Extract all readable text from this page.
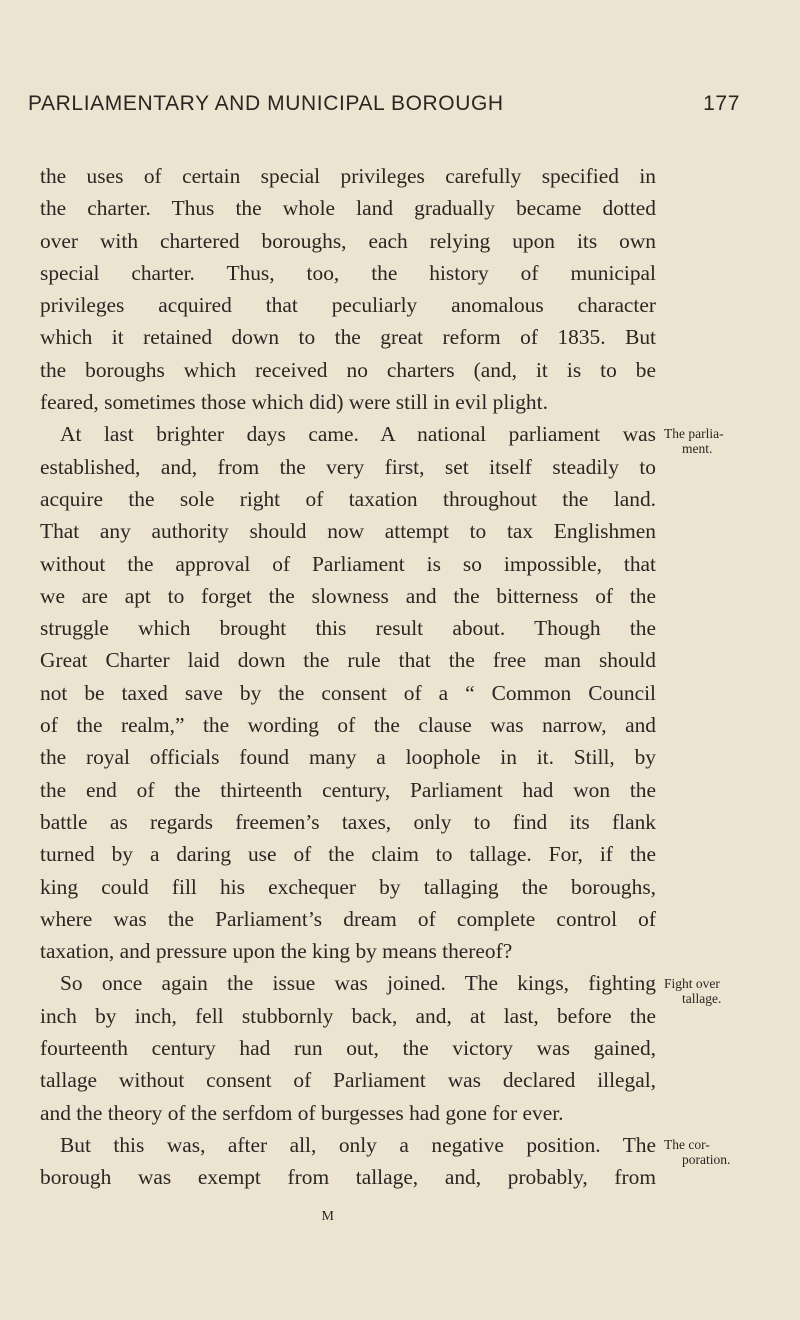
PARLIAMENTARY AND MUNICIPAL BOROUGH	177
the uses of certain special privileges carefully specified in
the charter. Thus the whole land gradually became dotted
over with chartered boroughs, each relying upon its own
special charter. Thus, too, the history of municipal
privileges acquired that peculiarly anomalous character
which it retained down to the great reform of 1835. But
the boroughs which received no charters (and, it is to be
feared, sometimes those which did) were still in evil plight.
At last brighter days came. A national parliament was
established, and, from the very first, set itself steadily to
acquire the sole right of taxation throughout the land.
That any authority should now attempt to tax Englishmen
without the approval of Parliament is so impossible, that
we are apt to forget the slowness and the bitterness of the
struggle which brought this result about. Though the
Great Charter laid down the rule that the free man should
not be taxed save by the consent of a “ Common Council
of the realm,” the wording of the clause was narrow, and
the royal officials found many a loophole in it. Still, by
the end of the thirteenth century, Parliament had won the
battle as regards freemen’s taxes, only to find its flank
turned by a daring use of the claim to tallage. For, if the
king could fill his exchequer by tallaging the boroughs,
where was the Parliament’s dream of complete control of
taxation, and pressure upon the king by means thereof?
So once again the issue was joined. The kings, fighting
inch by inch, fell stubbornly back, and, at last, before the
fourteenth century had run out, the victory was gained,
tallage without consent of Parliament was declared illegal,
and the theory of the serfdom of burgesses had gone for ever.
But this was, after all, only a negative position. The
borough was exempt from tallage, and, probably, from
The parlia-
ment.
Fight over
tallage.
The cor-
poration.
M
